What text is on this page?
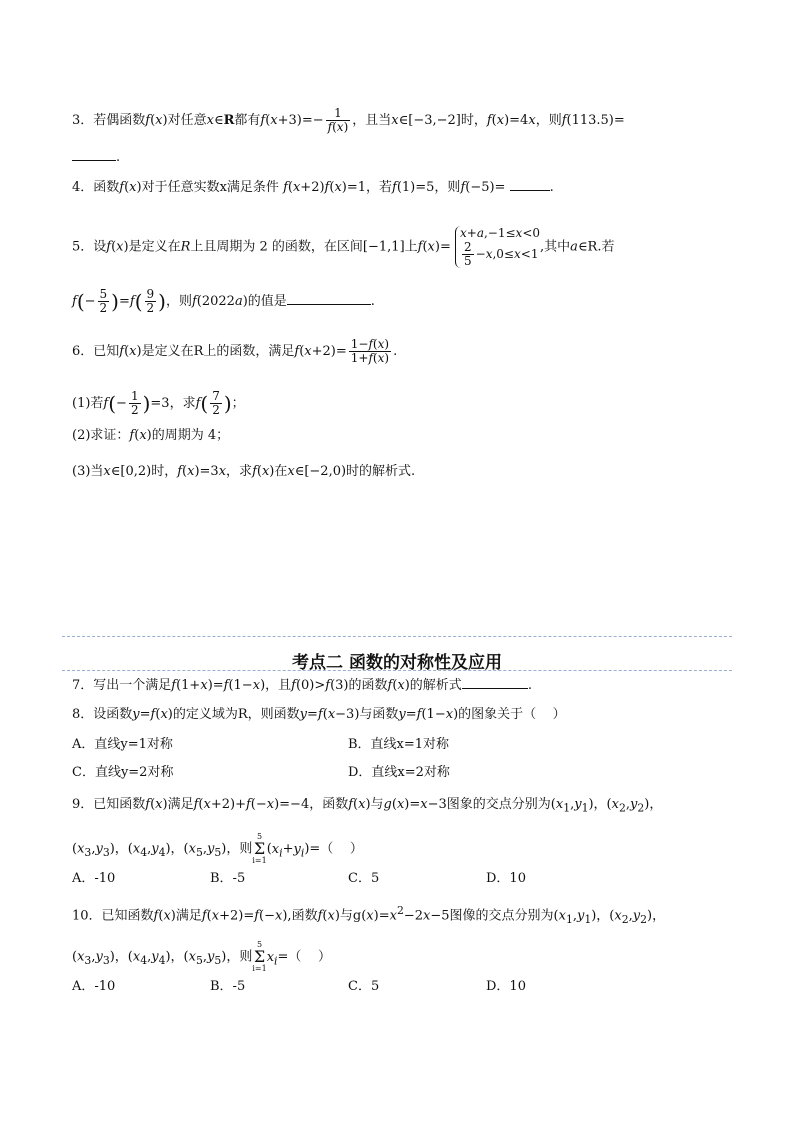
3．若偶函数f(x)对任意x∈R都有$f(x+3)=- \frac{1}{f(x)}$ ，且当x∈[−3,−2]时，f(x)=4x，则f(113.5)=
.
4．函数f(x)对于任意实数x满足条件 f(x+2)f(x)=1，若f(1)=5，则f(−5)=	.
5．设f(x)是定义在R上且周期为 2 的函数，在区间[−1,1]上f(x)= x+a,−1≤x<0

$\frac{2}{5} -x,0\le x<1$,其中a∈R.若
$f(- \frac{5}{2} )=f( \frac{9}{2}$ )，则f(2022a)的值是	.
6．已知f(x)是定义在R上的函数，满足$f(x+2)= \frac{1-f(x)}{1+f(x)}$ .
(1)若$f(- \frac{1}{2} )=3$，求$f( \frac{7}{2}$ )；
(2)求证：f(x)的周期为 4；
(3)当x∈[0,2)时，f(x)=3x，求f(x)在x∈[−2,0)时的解析式.
考点二 函数的对称性及应用
7．写出一个满足f(1+x)=f(1−x)，且f(0)>f(3)的函数f(x)的解析式	.
8．设函数y=f(x)的定义域为R，则函数y=f(x−3)与函数y=f(1−x)的图象关于（    ）
A．直线y=1对称	B．直线x=1对称
C．直线y=2对称	D．直线x=2对称
9．已知函数f(x)满足f(x+2)+f(−x)=−4，函数f(x)与g(x)=x−3图象的交点分别为$(x_1,y_1)$，$(x_2,y_2)$，
$(x_3,y_3)$，$(x_4,y_4)$，$(x_5,y_5)$，则5
Σ
$i=1(x_i+y_i)=$（    ）
A．-10	B．-5	C．5	D．10
10．已知函数f(x)满足f(x+2)=f(−x),函数f(x)与$g(x)=x^2-2x-5$图像的交点分别为$(x_1,y_1)$，$(x_2,y_2)$，
$(x_3,y_3)$，$(x_4,y_4)$，$(x_5,y_5)$，则5
Σ
$i=1x_i=$（    ）
A．-10	B．-5	C．5	D．10
